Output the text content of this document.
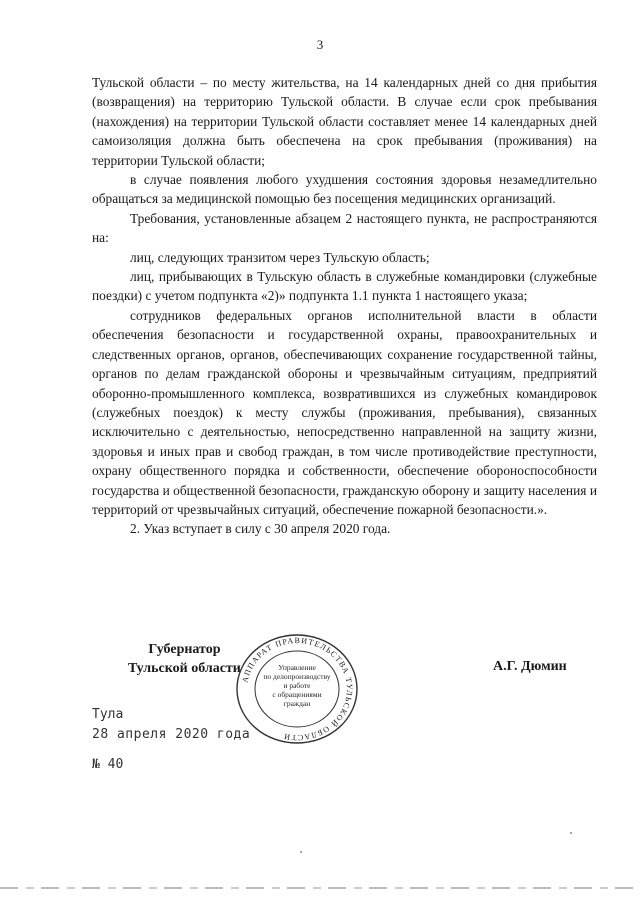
3

Тульской области – по месту жительства, на 14 календарных дней со дня прибытия (возвращения) на территорию Тульской области. В случае если срок пребывания (нахождения) на территории Тульской области составляет менее 14 календарных дней самоизоляция должна быть обеспечена на срок пребывания (проживания) на территории Тульской области;

в случае появления любого ухудшения состояния здоровья незамедлительно обращаться за медицинской помощью без посещения медицинских организаций.

Требования, установленные абзацем 2 настоящего пункта, не распространяются на:

лиц, следующих транзитом через Тульскую область;

лиц, прибывающих в Тульскую область в служебные командировки (служебные поездки) с учетом подпункта «2)» подпункта 1.1 пункта 1 настоящего указа;

сотрудников федеральных органов исполнительной власти в области обеспечения безопасности и государственной охраны, правоохранительных и следственных органов, органов, обеспечивающих сохранение государственной тайны, органов по делам гражданской обороны и чрезвычайным ситуациям, предприятий оборонно-промышленного комплекса, возвратившихся из служебных командировок (служебных поездок) к месту службы (проживания, пребывания), связанных исключительно с деятельностью, непосредственно направленной на защиту жизни, здоровья и иных прав и свобод граждан, в том числе противодействие преступности, охрану общественного порядка и собственности, обеспечение обороноспособности государства и общественной безопасности, гражданскую оборону и защиту населения и территорий от чрезвычайных ситуаций, обеспечение пожарной безопасности.».

2. Указ вступает в силу с 30 апреля 2020 года.

Губернатор
Тульской области
АППАРАТ ПРАВИТЕЛЬСТВА ТУЛЬСКОЙ ОБЛАСТИ
Управление
по делопроизводству
и работе
с обращениями
граждан
А.Г. Дюмин
Тула
28 апреля 2020 года
№ 40
